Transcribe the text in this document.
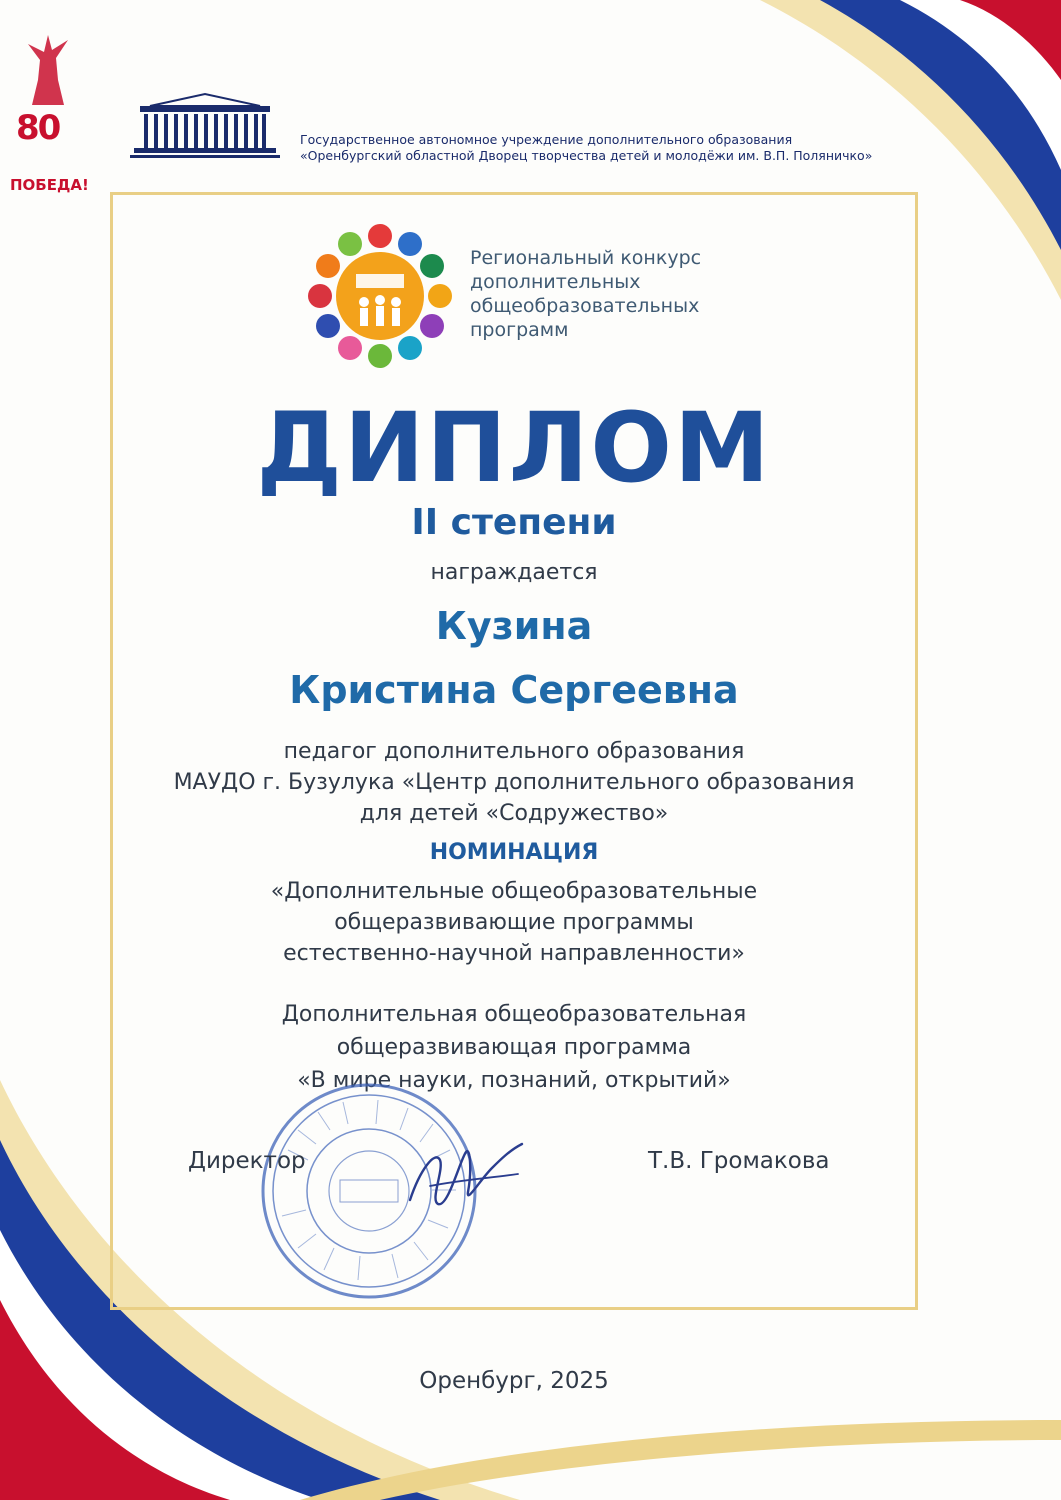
80
ПОБЕДА!
Государственное автономное учреждение дополнительного образования
«Оренбургский областной Дворец творчества детей и молодёжи им. В.П. Поляничко»
Региональный конкурс
дополнительных
общеобразовательных
программ
ДИПЛОМ
II степени
награждается
Кузина
Кристина Сергеевна
педагог дополнительного образования
МАУДО г. Бузулука «Центр дополнительного образования
для детей «Содружество»
НОМИНАЦИЯ
«Дополнительные общеобразовательные
общеразвивающие программы
естественно-научной направленности»
Дополнительная общеобразовательная
общеразвивающая программа
«В мире науки, познаний, открытий»
Директор	Т.В. Громакова
Оренбург, 2025
